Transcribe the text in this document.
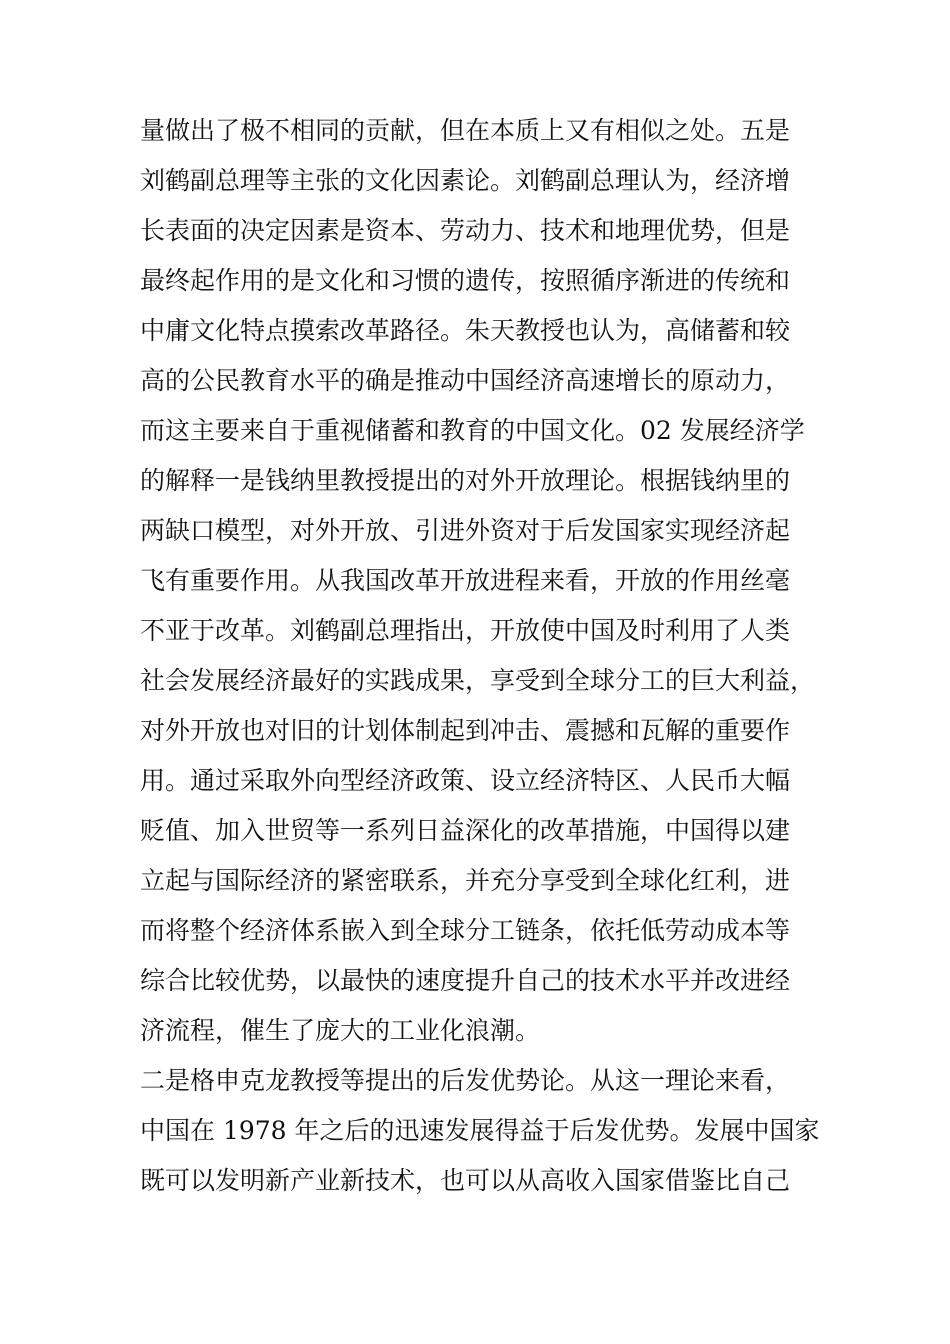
量做出了极不相同的贡献，但在本质上又有相似之处。五是
刘鹤副总理等主张的文化因素论。刘鹤副总理认为，经济增
长表面的决定因素是资本、劳动力、技术和地理优势，但是
最终起作用的是文化和习惯的遗传，按照循序渐进的传统和
中庸文化特点摸索改革路径。朱天教授也认为，高储蓄和较
高的公民教育水平的确是推动中国经济高速增长的原动力，
而这主要来自于重视储蓄和教育的中国文化。02 发展经济学
的解释一是钱纳里教授提出的对外开放理论。根据钱纳里的
两缺口模型，对外开放、引进外资对于后发国家实现经济起
飞有重要作用。从我国改革开放进程来看，开放的作用丝毫
不亚于改革。刘鹤副总理指出，开放使中国及时利用了人类
社会发展经济最好的实践成果，享受到全球分工的巨大利益，
对外开放也对旧的计划体制起到冲击、震撼和瓦解的重要作
用。通过采取外向型经济政策、设立经济特区、人民币大幅
贬值、加入世贸等一系列日益深化的改革措施，中国得以建
立起与国际经济的紧密联系，并充分享受到全球化红利，进
而将整个经济体系嵌入到全球分工链条，依托低劳动成本等
综合比较优势，以最快的速度提升自己的技术水平并改进经
济流程，催生了庞大的工业化浪潮。
二是格申克龙教授等提出的后发优势论。从这一理论来看，
中国在 1978 年之后的迅速发展得益于后发优势。发展中国家
既可以发明新产业新技术，也可以从高收入国家借鉴比自己
